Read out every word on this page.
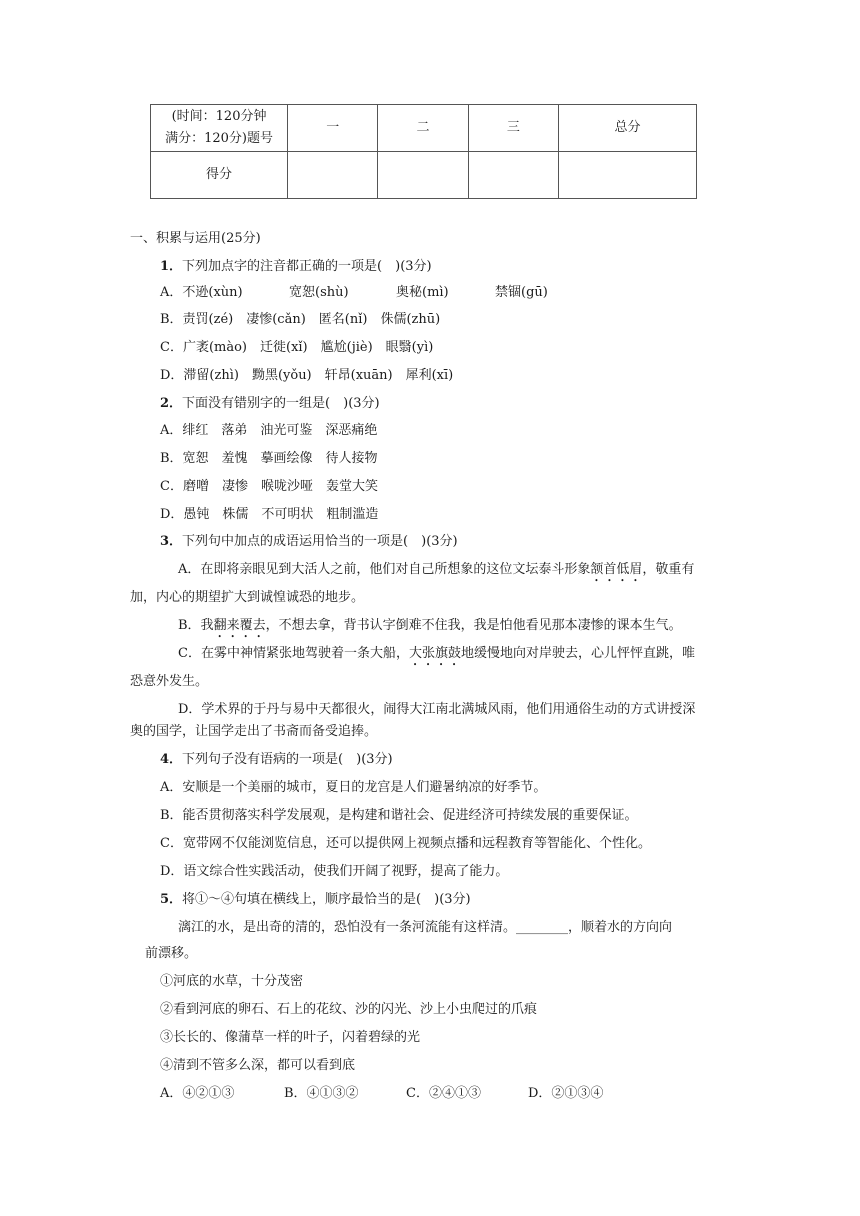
(时间：120分钟
满分：120分)题号	一	二	三	总分
得分				
一、积累与运用(25分)
1．下列加点字的注音都正确的一项是(　)(3分)
A．不逊(xùn)	宽恕(shù)	奥秘(mì)	禁锢(gū)
B．责罚(zé)　凄惨(cǎn)　匿名(nǐ)　侏儒(zhū)
C．广袤(mào)　迁徙(xǐ)　尴尬(jiè)　眼翳(yì)
D．滞留(zhì)　黝黑(yǒu)　轩昂(xuān)　犀利(xī)
2．下面没有错别字的一组是(　)(3分)
A．绯红　落弟　油光可鉴　深恶痛绝
B．宽恕　羞愧　摹画绘像　待人接物
C．磨噌　凄惨　喉咙沙哑　轰堂大笑
D．愚钝　株儒　不可明状　粗制滥造
3．下列句中加点的成语运用恰当的一项是(　)(3分)
A．在即将亲眼见到大活人之前，他们对自己所想象的这位文坛泰斗形象颔首低眉，敬重有
加，内心的期望扩大到诚惶诚恐的地步。
B．我翻来覆去，不想去拿，背书认字倒难不住我，我是怕他看见那本凄惨的课本生气。
C．在雾中神情紧张地驾驶着一条大船，大张旗鼓地缓慢地向对岸驶去，心儿怦怦直跳，唯
恐意外发生。
D．学术界的于丹与易中天都很火，闹得大江南北满城风雨，他们用通俗生动的方式讲授深
奥的国学，让国学走出了书斋而备受追捧。
4．下列句子没有语病的一项是(　)(3分)
A．安顺是一个美丽的城市，夏日的龙宫是人们避暑纳凉的好季节。
B．能否贯彻落实科学发展观，是构建和谐社会、促进经济可持续发展的重要保证。
C．宽带网不仅能浏览信息，还可以提供网上视频点播和远程教育等智能化、个性化。
D．语文综合性实践活动，使我们开阔了视野，提高了能力。
5．将①～④句填在横线上，顺序最恰当的是(　)(3分)
漓江的水，是出奇的清的，恐怕没有一条河流能有这样清。________，顺着水的方向向
前漂移。
①河底的水草，十分茂密
②看到河底的卵石、石上的花纹、沙的闪光、沙上小虫爬过的爪痕
③长长的、像蒲草一样的叶子，闪着碧绿的光
④清到不管多么深，都可以看到底
A．④②①③	B．④①③②	C．②④①③	D．②①③④
